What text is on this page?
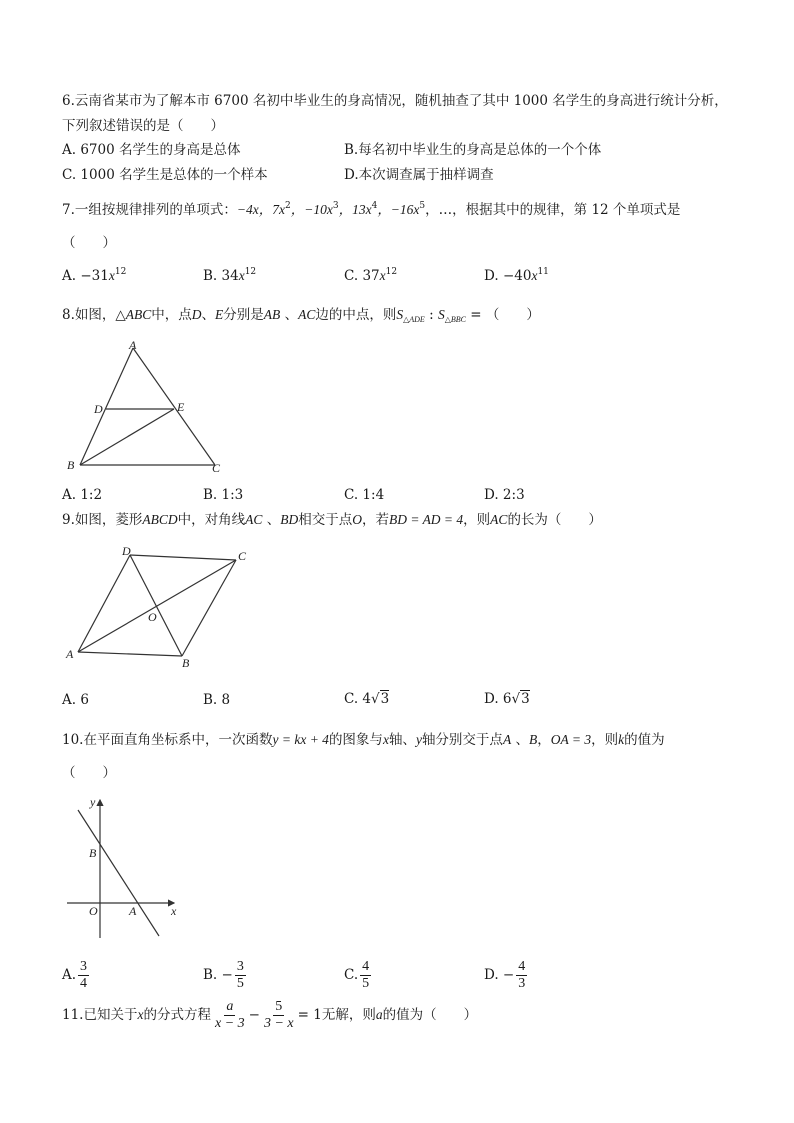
6.云南省某市为了解本市 6700 名初中毕业生的身高情况，随机抽查了其中 1000 名学生的身高进行统计分析，
下列叙述错误的是（　　）
A. 6700 名学生的身高是总体	B.每名初中毕业生的身高是总体的一个个体
C. 1000 名学生是总体的一个样本	D.本次调查属于抽样调查
7.一组按规律排列的单项式：−4x，$7x^2$，$-10x^3$，$13x^4$，$-16x^5$，…，根据其中的规律，第 12 个单项式是
（　　）
A. $-31x^{12}$	B. $34x^{12}$	C. $37x^{12}$	D. $-40x^{11}$
8.如图，△ABC中，点D、E分别是AB 、AC边的中点，则$S_{\triangle ADE}$ : $S_{\triangle BBC}$ = （　　）
A
D	E
B	C
A. 1:2	B. 1:3	C. 1:4	D. 2:3
9.如图，菱形ABCD中，对角线AC 、BD相交于点O，若BD = AD = 4，则AC的长为（　　）
D	C
O
A
B
A. 6	B. 8	C. 4√3	D. 6√3
10.在平面直角坐标系中，一次函数y = kx + 4的图象与x轴、y轴分别交于点A 、B，OA = 3，则k的值为
（　　）
y
x
O	A
B
A. $\frac{3}{4}$	B. − $\frac{3}{5}$	C. $\frac{4}{5}$	D. − $\frac{4}{3}$
11.已知关于x的分式方程 $\frac{a}{x - 3} - \frac{5}{3 - x} = 1$无解，则a的值为（　　）
